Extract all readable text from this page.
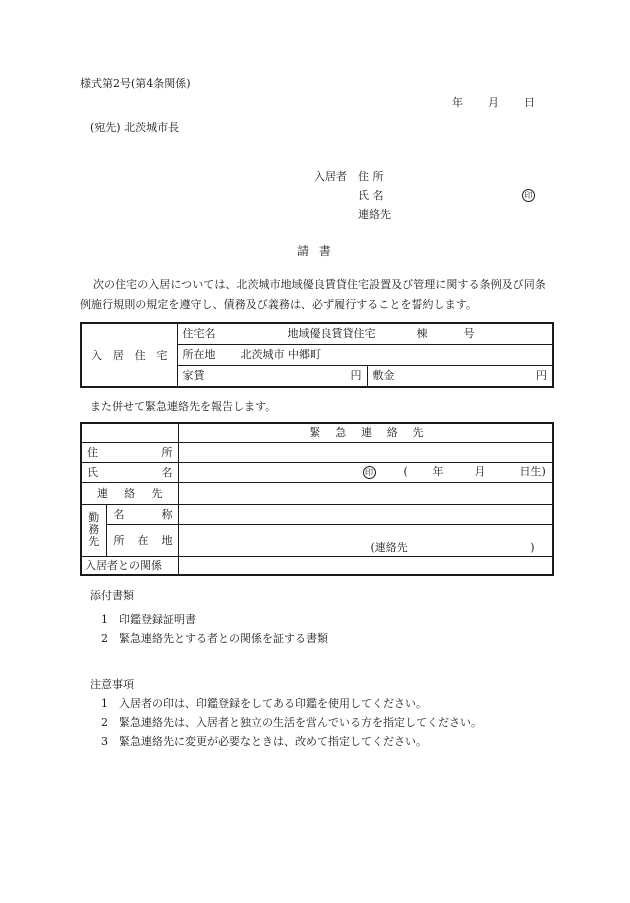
様式第2号(第4条関係)
年 月 日
(宛先) 北茨城市長
入居者 住 所
氏 名	印
連絡先
請 書
次の住宅の入居については、北茨城市地域優良賃貸住宅設置及び管理に関する条例及び同条例施行規則の規定を遵守し、債務及び義務は、必ず履行することを誓約します。
入 居 住 宅	住宅名 地域優良賃貸住宅 棟 号	
	所在地 北茨城市 中郷町	

	家賃 円	敷金 円
また併せて緊急連絡先を報告します。

		緊 急 連 絡 先

住 所		

氏 名		印 ( 年 月 日生)

連 絡 先		

勤
務
先	名 称	

	所 在 地	(連絡先 )

入居者との関係		
添付書類
1 印鑑登録証明書
2 緊急連絡先とする者との関係を証する書類
注意事項
1 入居者の印は、印鑑登録をしてある印鑑を使用してください。
2 緊急連絡先は、入居者と独立の生活を営んでいる方を指定してください。
3 緊急連絡先に変更が必要なときは、改めて指定してください。
